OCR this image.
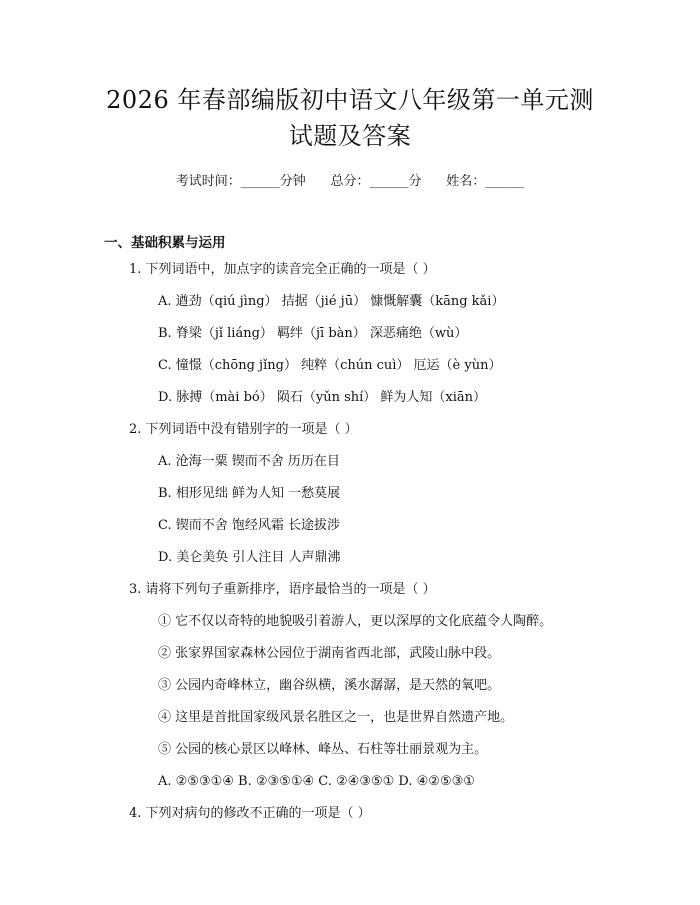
2026 年春部编版初中语文八年级第一单元测
试题及答案
考试时间：______分钟      总分：______分      姓名：______
一、基础积累与运用
1. 下列词语中，加点字的读音完全正确的一项是（ ）
A. 遒劲（qiú jìng） 拮据（jié jū） 慷慨解囊（kāng kǎi）
B. 脊梁（jǐ liáng） 羁绊（jī bàn） 深恶痛绝（wù）
C. 憧憬（chōng jǐng） 纯粹（chún cuì） 厄运（è yùn）
D. 脉搏（mài bó） 陨石（yǔn shí） 鲜为人知（xiān）
2. 下列词语中没有错别字的一项是（ ）
A. 沧海一粟 锲而不舍 历历在目
B. 相形见绌 鲜为人知 一愁莫展
C. 锲而不舍 饱经风霜 长途拔涉
D. 美仑美奂 引人注目 人声鼎沸
3. 请将下列句子重新排序，语序最恰当的一项是（ ）
① 它不仅以奇特的地貌吸引着游人，更以深厚的文化底蕴令人陶醉。
② 张家界国家森林公园位于湖南省西北部，武陵山脉中段。
③ 公园内奇峰林立，幽谷纵横，溪水潺潺，是天然的氧吧。
④ 这里是首批国家级风景名胜区之一，也是世界自然遗产地。
⑤ 公园的核心景区以峰林、峰丛、石柱等壮丽景观为主。
A. ②⑤③①④ B. ②③⑤①④ C. ②④③⑤① D. ④②⑤③①
4. 下列对病句的修改不正确的一项是（ ）
